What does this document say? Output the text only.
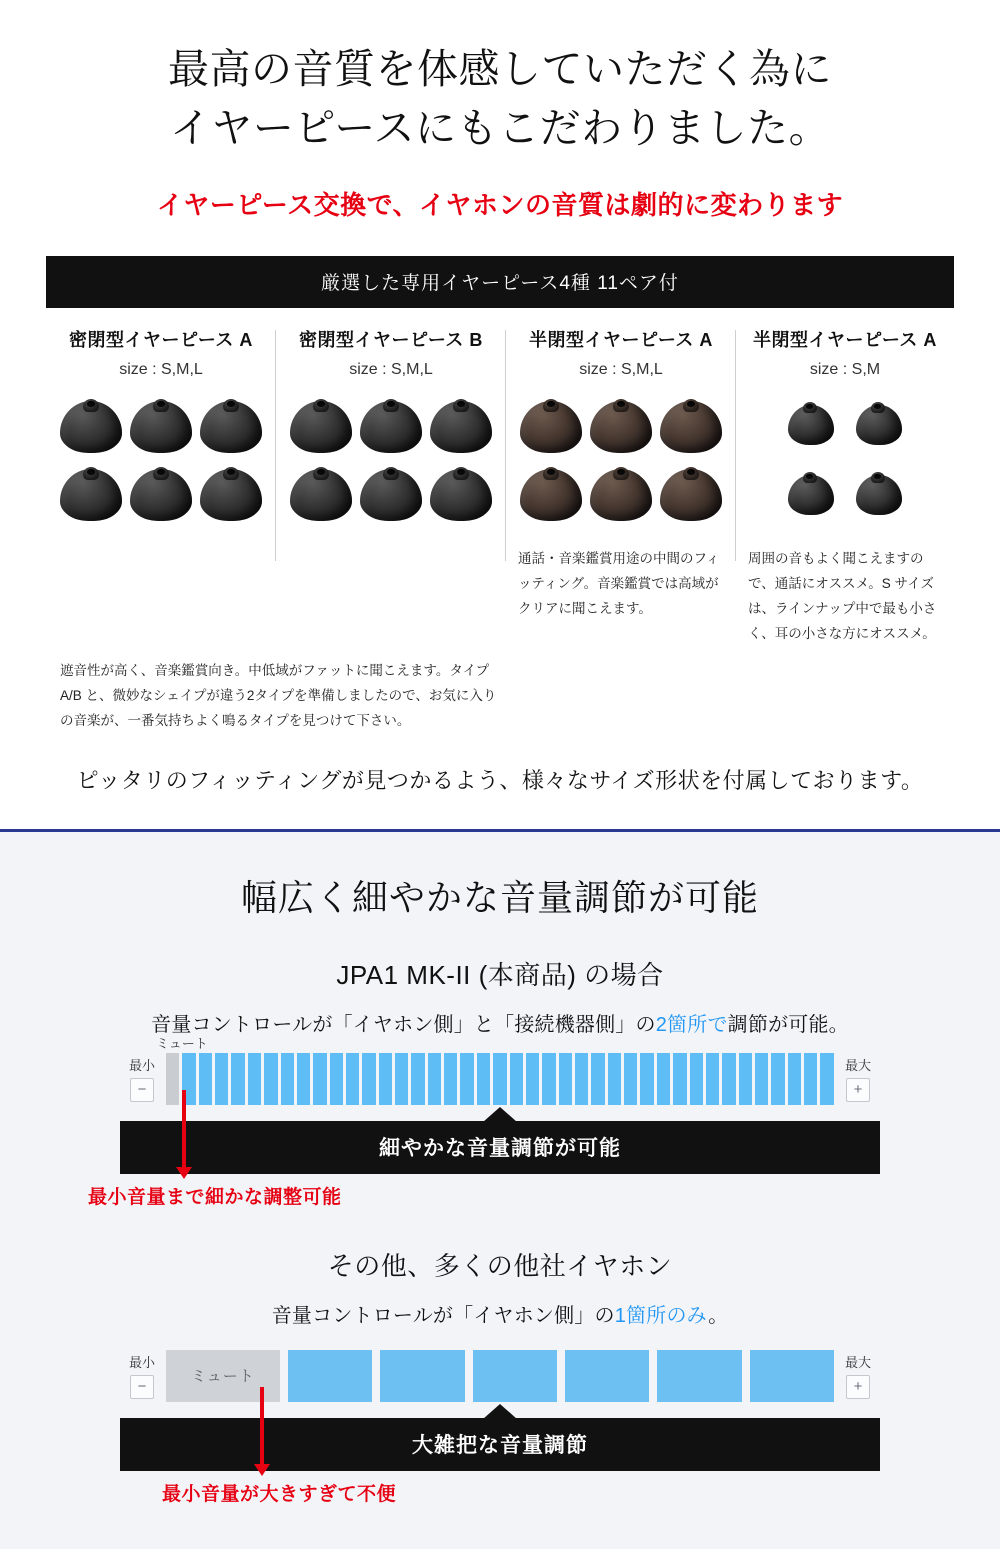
最高の音質を体感していただく為に
イヤーピースにもこだわりました。
イヤーピース交換で、イヤホンの音質は劇的に変わります
厳選した専用イヤーピース4種 11ペア付
密閉型イヤーピース A
size : S,M,L
密閉型イヤーピース B
size : S,M,L
半閉型イヤーピース A
size : S,M,L
通話・音楽鑑賞用途の中間のフィッティング。音楽鑑賞では高域がクリアに聞こえます。
半閉型イヤーピース A
size : S,M
周囲の音もよく聞こえますので、通話にオススメ。S サイズは、ラインナップ中で最も小さく、耳の小さな方にオススメ。
遮音性が高く、音楽鑑賞向き。中低域がファットに聞こえます。タイプ A/B と、微妙なシェイプが違う2タイプを準備しましたので、お気に入りの音楽が、一番気持ちよく鳴るタイプを見つけて下さい。
ピッタリのフィッティングが見つかるよう、様々なサイズ形状を付属しております。
幅広く細やかな音量調節が可能
JPA1 MK-II (本商品) の場合
音量コントロールが「イヤホン側」と「接続機器側」の2箇所で調節が可能。
ミュート
最小
−
最大
+
細やかな音量調節が可能
最小音量まで細かな調整可能
その他、多くの他社イヤホン
音量コントロールが「イヤホン側」の1箇所のみ。
最小
−
ミュート
最大
+
大雑把な音量調節
最小音量が大きすぎて不便
